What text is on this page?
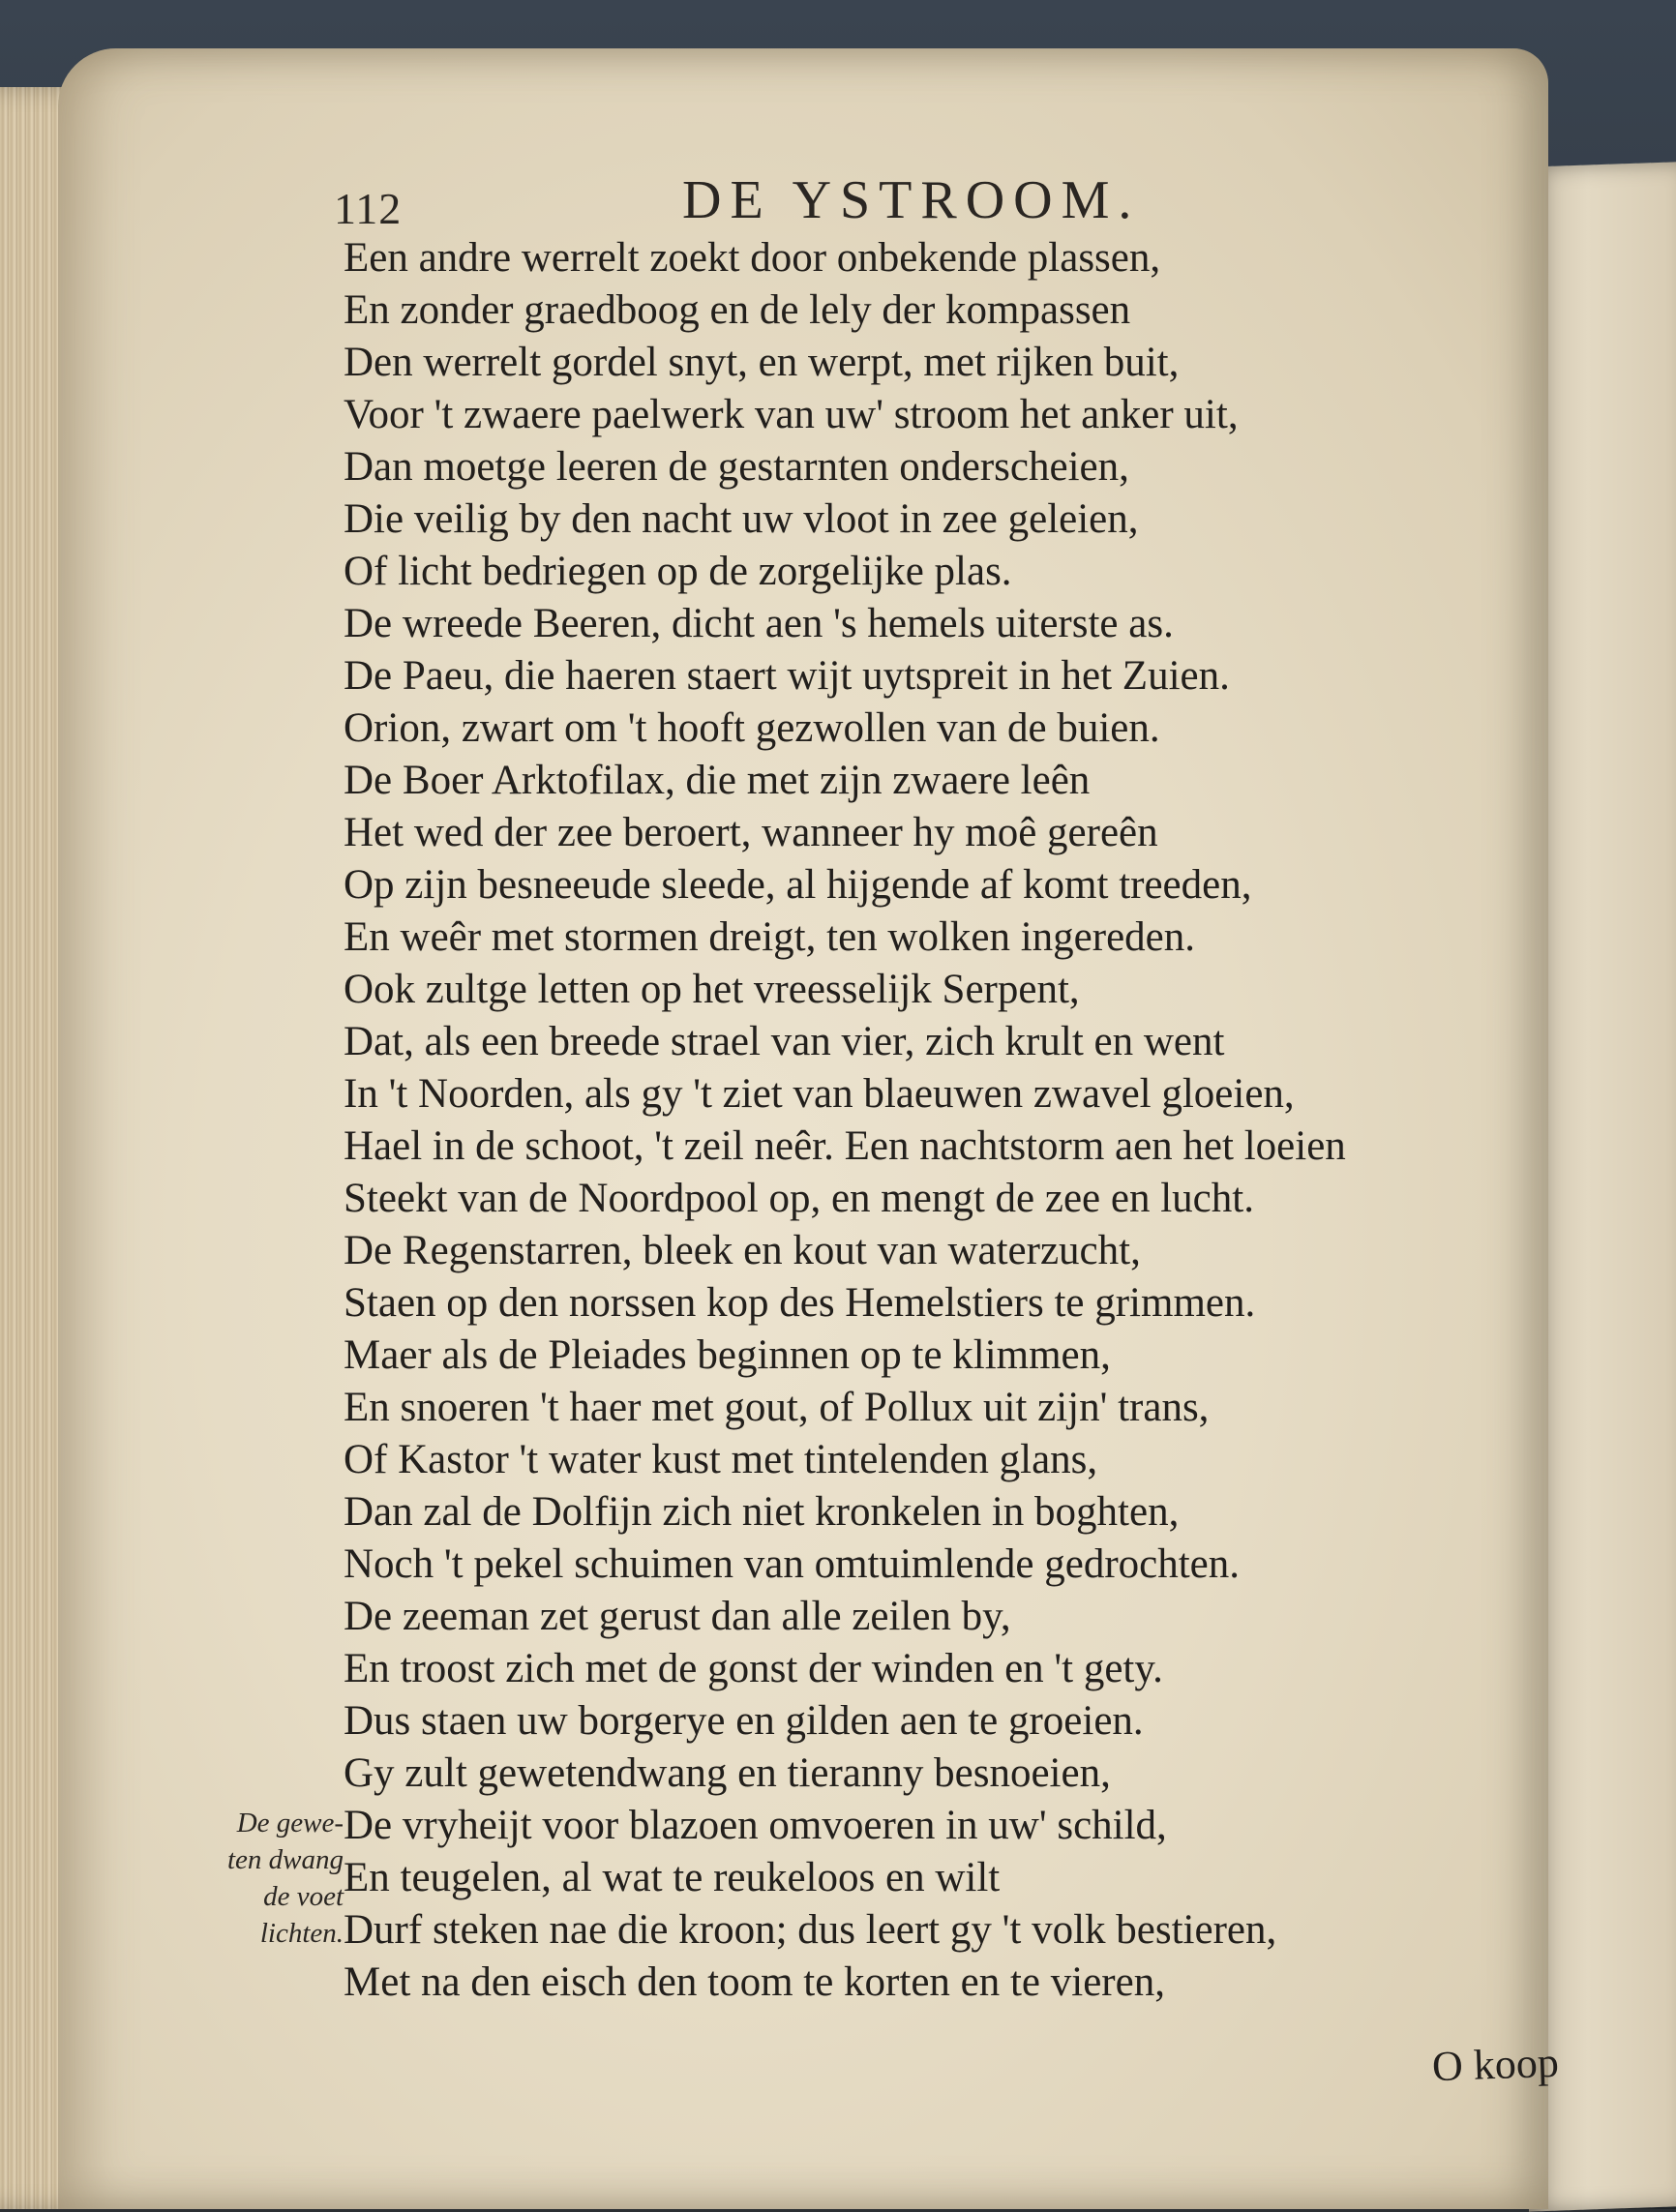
112	DE YSTROOM.
Een andre werrelt zoekt door onbekende plassen,
En zonder graedboog en de lely der kompassen
Den werrelt gordel snyt, en werpt, met rijken buit,
Voor 't zwaere paelwerk van uw' stroom het anker uit,
Dan moetge leeren de gestarnten onderscheien,
Die veilig by den nacht uw vloot in zee geleien,
Of licht bedriegen op de zorgelijke plas.
De wreede Beeren, dicht aen 's hemels uiterste as.
De Paeu, die haeren staert wijt uytspreit in het Zuien.
Orion, zwart om 't hooft gezwollen van de buien.
De Boer Arktofilax, die met zijn zwaere leên
Het wed der zee beroert, wanneer hy moê gereên
Op zijn besneeude sleede, al hijgende af komt treeden,
En weêr met stormen dreigt, ten wolken ingereden.
Ook zultge letten op het vreesselijk Serpent,
Dat, als een breede strael van vier, zich krult en went
In 't Noorden, als gy 't ziet van blaeuwen zwavel gloeien,
Hael in de schoot, 't zeil neêr. Een nachtstorm aen het loeien
Steekt van de Noordpool op, en mengt de zee en lucht.
De Regenstarren, bleek en kout van waterzucht,
Staen op den norssen kop des Hemelstiers te grimmen.
Maer als de Pleiades beginnen op te klimmen,
En snoeren 't haer met gout, of Pollux uit zijn' trans,
Of Kastor 't water kust met tintelenden glans,
Dan zal de Dolfijn zich niet kronkelen in boghten,
Noch 't pekel schuimen van omtuimlende gedrochten.
De zeeman zet gerust dan alle zeilen by,
En troost zich met de gonst der winden en 't gety.
Dus staen uw borgerye en gilden aen te groeien.
Gy zult gewetendwang en tieranny besnoeien,
De vryheijt voor blazoen omvoeren in uw' schild,
En teugelen, al wat te reukeloos en wilt
Durf steken nae die kroon; dus leert gy 't volk bestieren,
Met na den eisch den toom te korten en te vieren,
De gewe-
ten dwang
de voet
lichten.
O koop
